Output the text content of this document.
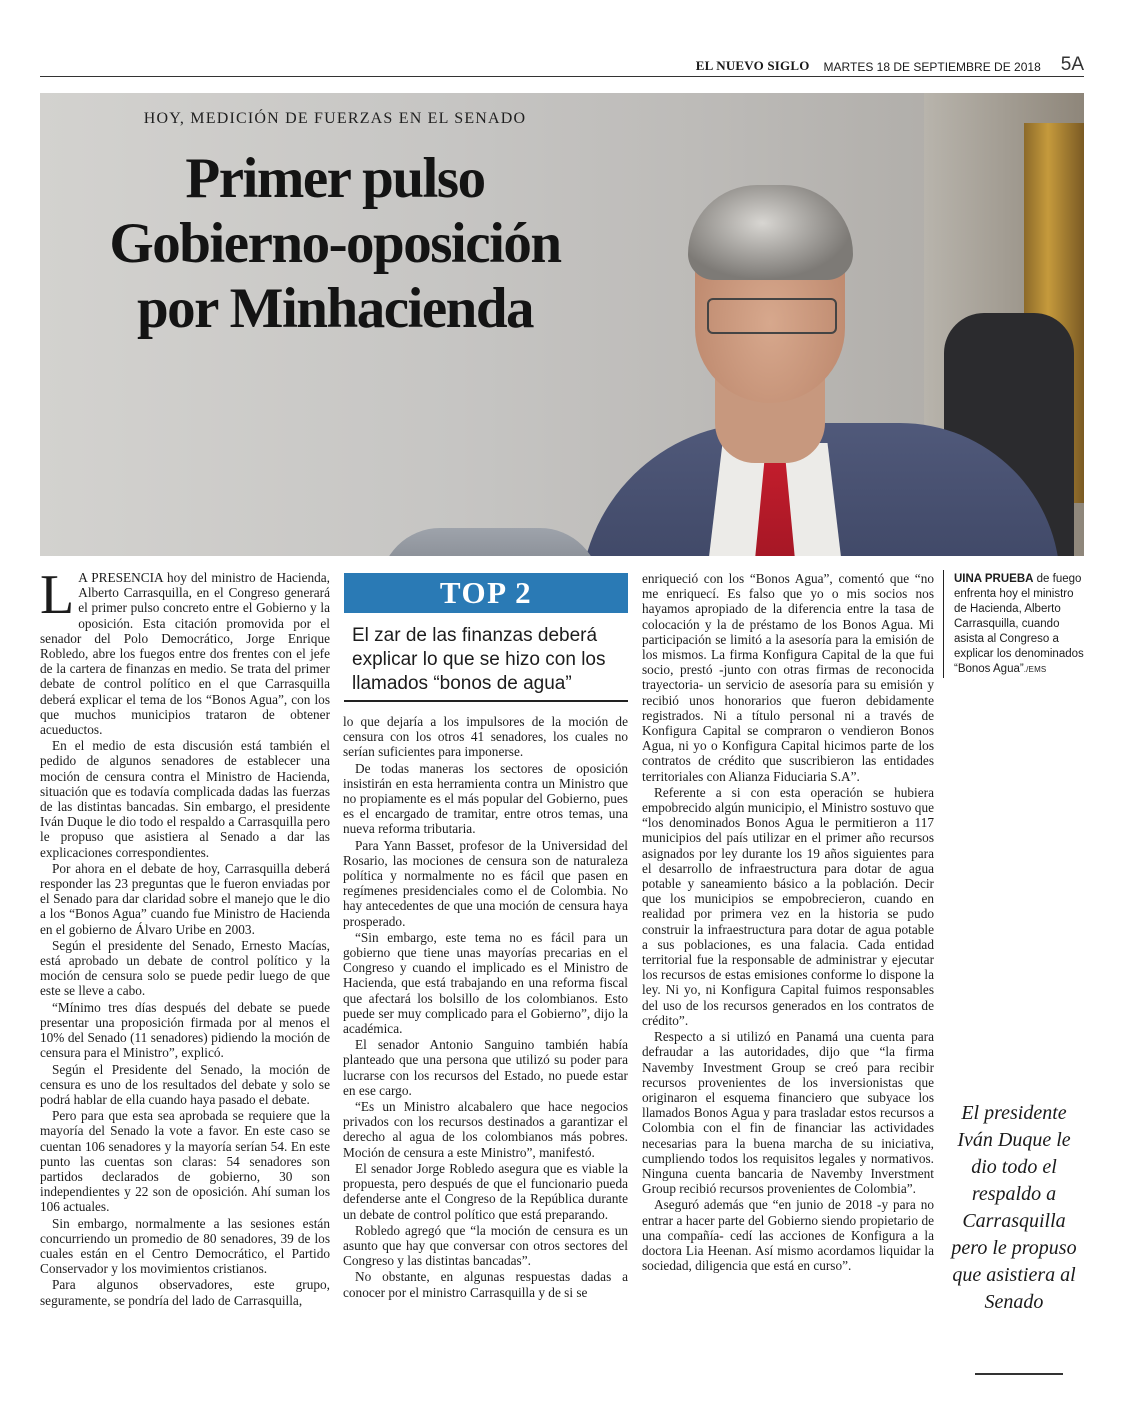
EL NUEVO SIGLO MARTES 18 DE SEPTIEMBRE DE 2018 5A
HOY, MEDICIÓN DE FUERZAS EN EL SENADO
Primer pulso
Gobierno-oposición
por Minhacienda

L A PRESENCIA hoy del ministro de Hacienda, Alberto Carrasquilla, en el Congreso generará el primer pulso concreto entre el Gobierno y la oposición. Esta citación promovida por el senador del Polo Democrático, Jorge Enrique Robledo, abre los fuegos entre dos frentes con el jefe de la cartera de finanzas en medio. Se trata del primer debate de control político en el que Carrasquilla deberá explicar el tema de los “Bonos Agua”, con los que muchos municipios trataron de obtener acueductos.

En el medio de esta discusión está también el pedido de algunos senadores de establecer una moción de censura contra el Ministro de Hacienda, situación que es todavía complicada dadas las fuerzas de las distintas bancadas. Sin embargo, el presidente Iván Duque le dio todo el respaldo a Carrasquilla pero le propuso que asistiera al Senado a dar las explicaciones correspondientes.

Por ahora en el debate de hoy, Carrasquilla deberá responder las 23 preguntas que le fueron enviadas por el Senado para dar claridad sobre el manejo que le dio a los “Bonos Agua” cuando fue Ministro de Hacienda en el gobierno de Álvaro Uribe en 2003.

Según el presidente del Senado, Ernesto Macías, está aprobado un debate de control político y la moción de censura solo se puede pedir luego de que este se lleve a cabo.

“Mínimo tres días después del debate se puede presentar una proposición firmada por al menos el 10% del Senado (11 senadores) pidiendo la moción de censura para el Ministro”, explicó.

Según el Presidente del Senado, la moción de censura es uno de los resultados del debate y solo se podrá hablar de ella cuando haya pasado el debate.

Pero para que esta sea aprobada se requiere que la mayoría del Senado la vote a favor. En este caso se cuentan 106 senadores y la mayoría serían 54. En este punto las cuentas son claras: 54 senadores son partidos declarados de gobierno, 30 son independientes y 22 son de oposición. Ahí suman los 106 actuales.

Sin embargo, normalmente a las sesiones están concurriendo un promedio de 80 senadores, 39 de los cuales están en el Centro Democrático, el Partido Conservador y los movimientos cristianos.

Para algunos observadores, este grupo, seguramente, se pondría del lado de Carrasquilla,

TOP 2
El zar de las finanzas deberá explicar lo que se hizo con los llamados “bonos de agua”

lo que dejaría a los impulsores de la moción de censura con los otros 41 senadores, los cuales no serían suficientes para imponerse.

De todas maneras los sectores de oposición insistirán en esta herramienta contra un Ministro que no propiamente es el más popular del Gobierno, pues es el encargado de tramitar, entre otros temas, una nueva reforma tributaria.

Para Yann Basset, profesor de la Universidad del Rosario, las mociones de censura son de naturaleza política y normalmente no es fácil que pasen en regímenes presidenciales como el de Colombia. No hay antecedentes de que una moción de censura haya prosperado.

“Sin embargo, este tema no es fácil para un gobierno que tiene unas mayorías precarias en el Congreso y cuando el implicado es el Ministro de Hacienda, que está trabajando en una reforma fiscal que afectará los bolsillo de los colombianos. Esto puede ser muy complicado para el Gobierno”, dijo la académica.

El senador Antonio Sanguino también había planteado que una persona que utilizó su poder para lucrarse con los recursos del Estado, no puede estar en ese cargo.

“Es un Ministro alcabalero que hace negocios privados con los recursos destinados a garantizar el derecho al agua de los colombianos más pobres. Moción de censura a este Ministro”, manifestó.

El senador Jorge Robledo asegura que es viable la propuesta, pero después de que el funcionario pueda defenderse ante el Congreso de la República durante un debate de control político que está preparando.

Robledo agregó que “la moción de censura es un asunto que hay que conversar con otros sectores del Congreso y las distintas bancadas”.

No obstante, en algunas respuestas dadas a conocer por el ministro Carrasquilla y de si se

enriqueció con los “Bonos Agua”, comentó que “no me enriquecí. Es falso que yo o mis socios nos hayamos apropiado de la diferencia entre la tasa de colocación y la de préstamo de los Bonos Agua. Mi participación se limitó a la asesoría para la emisión de los mismos. La firma Konfigura Capital de la que fui socio, prestó -junto con otras firmas de reconocida trayectoria- un servicio de asesoría para su emisión y recibió unos honorarios que fueron debidamente registrados. Ni a título personal ni a través de Konfigura Capital se compraron o vendieron Bonos Agua, ni yo o Konfigura Capital hicimos parte de los contratos de crédito que suscribieron las entidades territoriales con Alianza Fiduciaria S.A”.

Referente a si con esta operación se hubiera empobrecido algún municipio, el Ministro sostuvo que “los denominados Bonos Agua le permitieron a 117 municipios del país utilizar en el primer año recursos asignados por ley durante los 19 años siguientes para el desarrollo de infraestructura para dotar de agua potable y saneamiento básico a la población. Decir que los municipios se empobrecieron, cuando en realidad por primera vez en la historia se pudo construir la infraestructura para dotar de agua potable a sus poblaciones, es una falacia. Cada entidad territorial fue la responsable de administrar y ejecutar los recursos de estas emisiones conforme lo dispone la ley. Ni yo, ni Konfigura Capital fuimos responsables del uso de los recursos generados en los contratos de crédito”.

Respecto a si utilizó en Panamá una cuenta para defraudar a las autoridades, dijo que “la firma Navemby Investment Group se creó para recibir recursos provenientes de los inversionistas que originaron el esquema financiero que subyace los llamados Bonos Agua y para trasladar estos recursos a Colombia con el fin de financiar las actividades necesarias para la buena marcha de su iniciativa, cumpliendo todos los requisitos legales y normativos. Ninguna cuenta bancaria de Navemby Inverstment Group recibió recursos provenientes de Colombia”.

Aseguró además que “en junio de 2018 -y para no entrar a hacer parte del Gobierno siendo propietario de una compañía- cedí las acciones de Konfigura a la doctora Lia Heenan. Así mismo acordamos liquidar la sociedad, diligencia que está en curso”.

UINA PRUEBA de fuego enfrenta hoy el ministro de Hacienda, Alberto Carrasquilla, cuando asista al Congreso a explicar los denominados “Bonos Agua”./EMS
El presidente Iván Duque le dio todo el respaldo a Carrasquilla pero le propuso que asistiera al Senado
